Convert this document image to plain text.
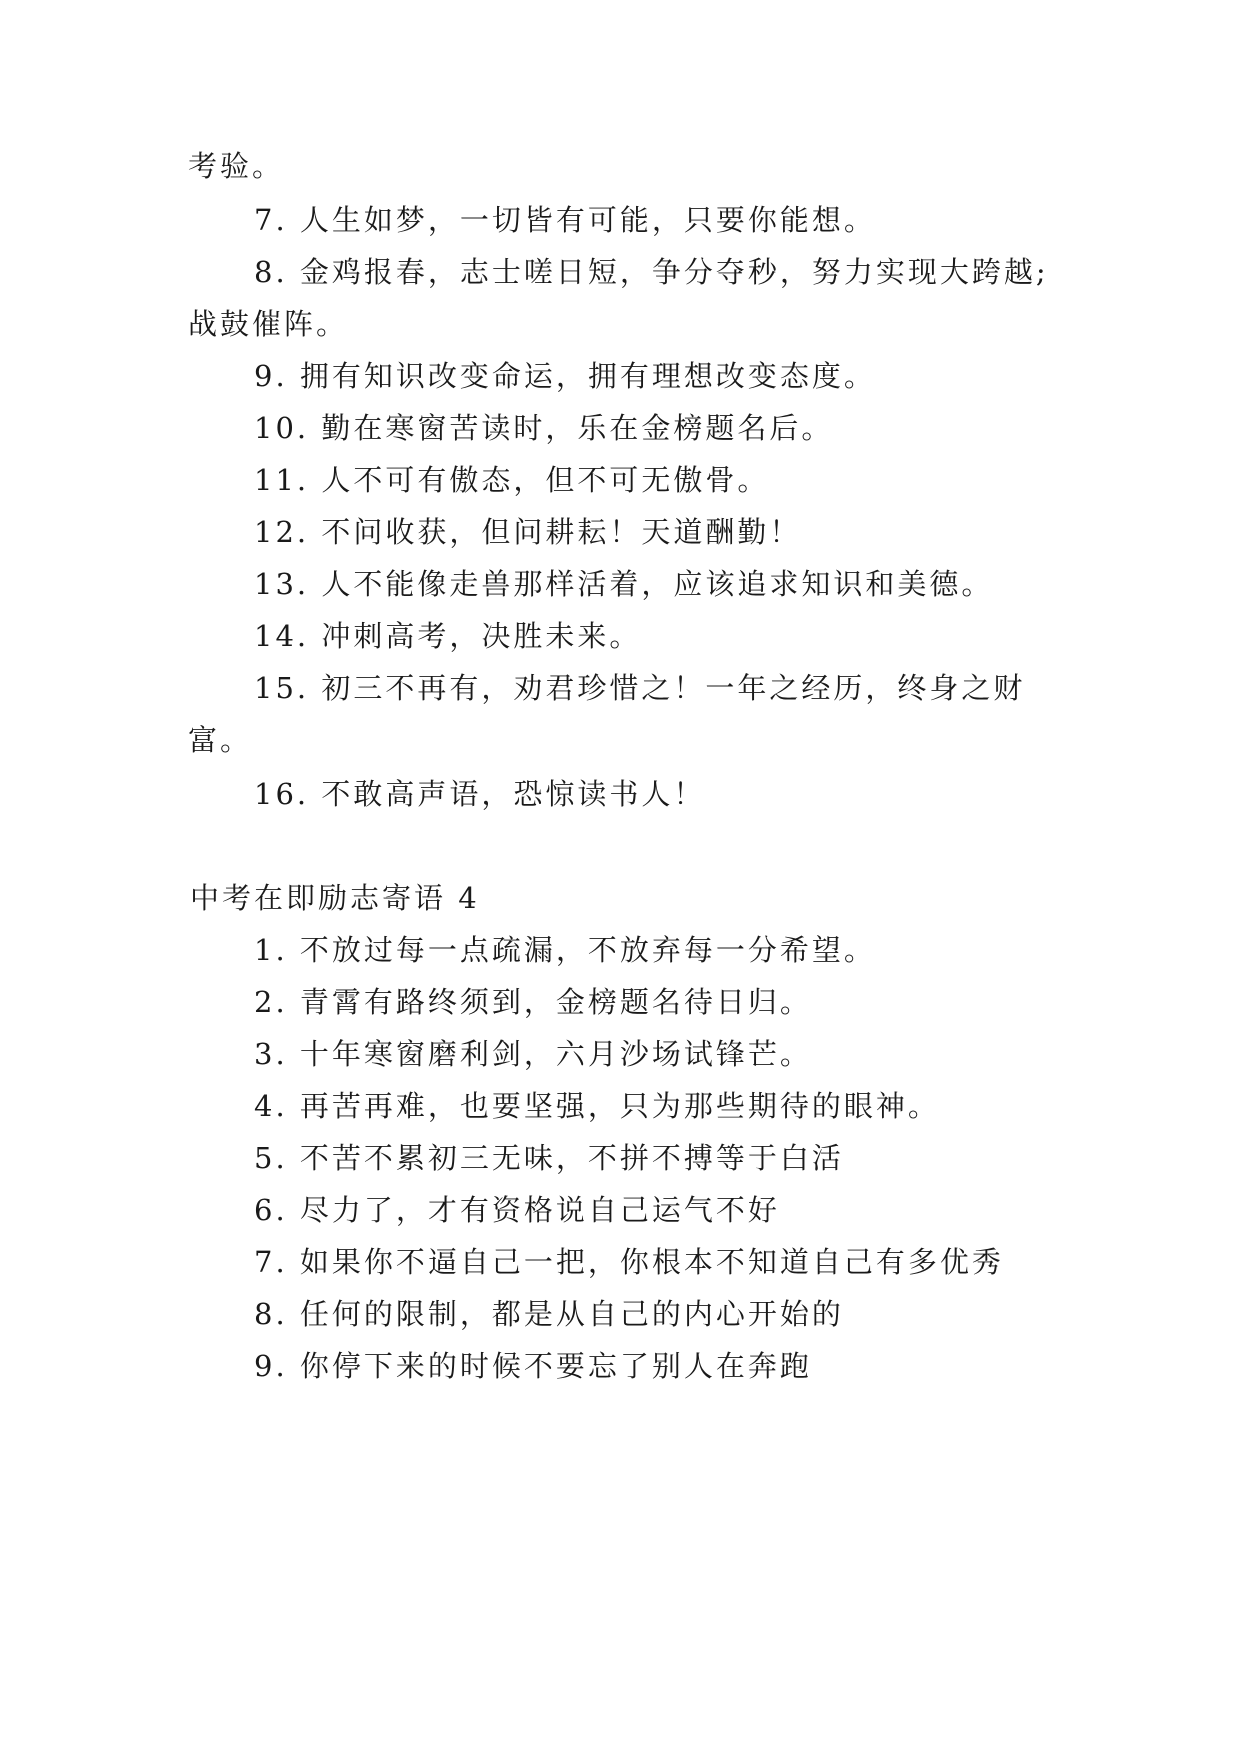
考验。

7. 人生如梦，一切皆有可能，只要你能想。

8. 金鸡报春，志士嗟日短，争分夺秒，努力实现大跨越;

战鼓催阵。

9. 拥有知识改变命运，拥有理想改变态度。

10. 勤在寒窗苦读时，乐在金榜题名后。

11. 人不可有傲态，但不可无傲骨。

12. 不问收获，但问耕耘！天道酬勤！

13. 人不能像走兽那样活着，应该追求知识和美德。

14. 冲刺高考，决胜未来。

15. 初三不再有，劝君珍惜之！一年之经历，终身之财

富。

16. 不敢高声语，恐惊读书人！

中考在即励志寄语 4

1. 不放过每一点疏漏，不放弃每一分希望。

2. 青霄有路终须到，金榜题名待日归。

3. 十年寒窗磨利剑，六月沙场试锋芒。

4. 再苦再难，也要坚强，只为那些期待的眼神。

5. 不苦不累初三无味，不拼不搏等于白活

6. 尽力了，才有资格说自己运气不好

7. 如果你不逼自己一把，你根本不知道自己有多优秀

8. 任何的限制，都是从自己的内心开始的

9. 你停下来的时候不要忘了别人在奔跑
